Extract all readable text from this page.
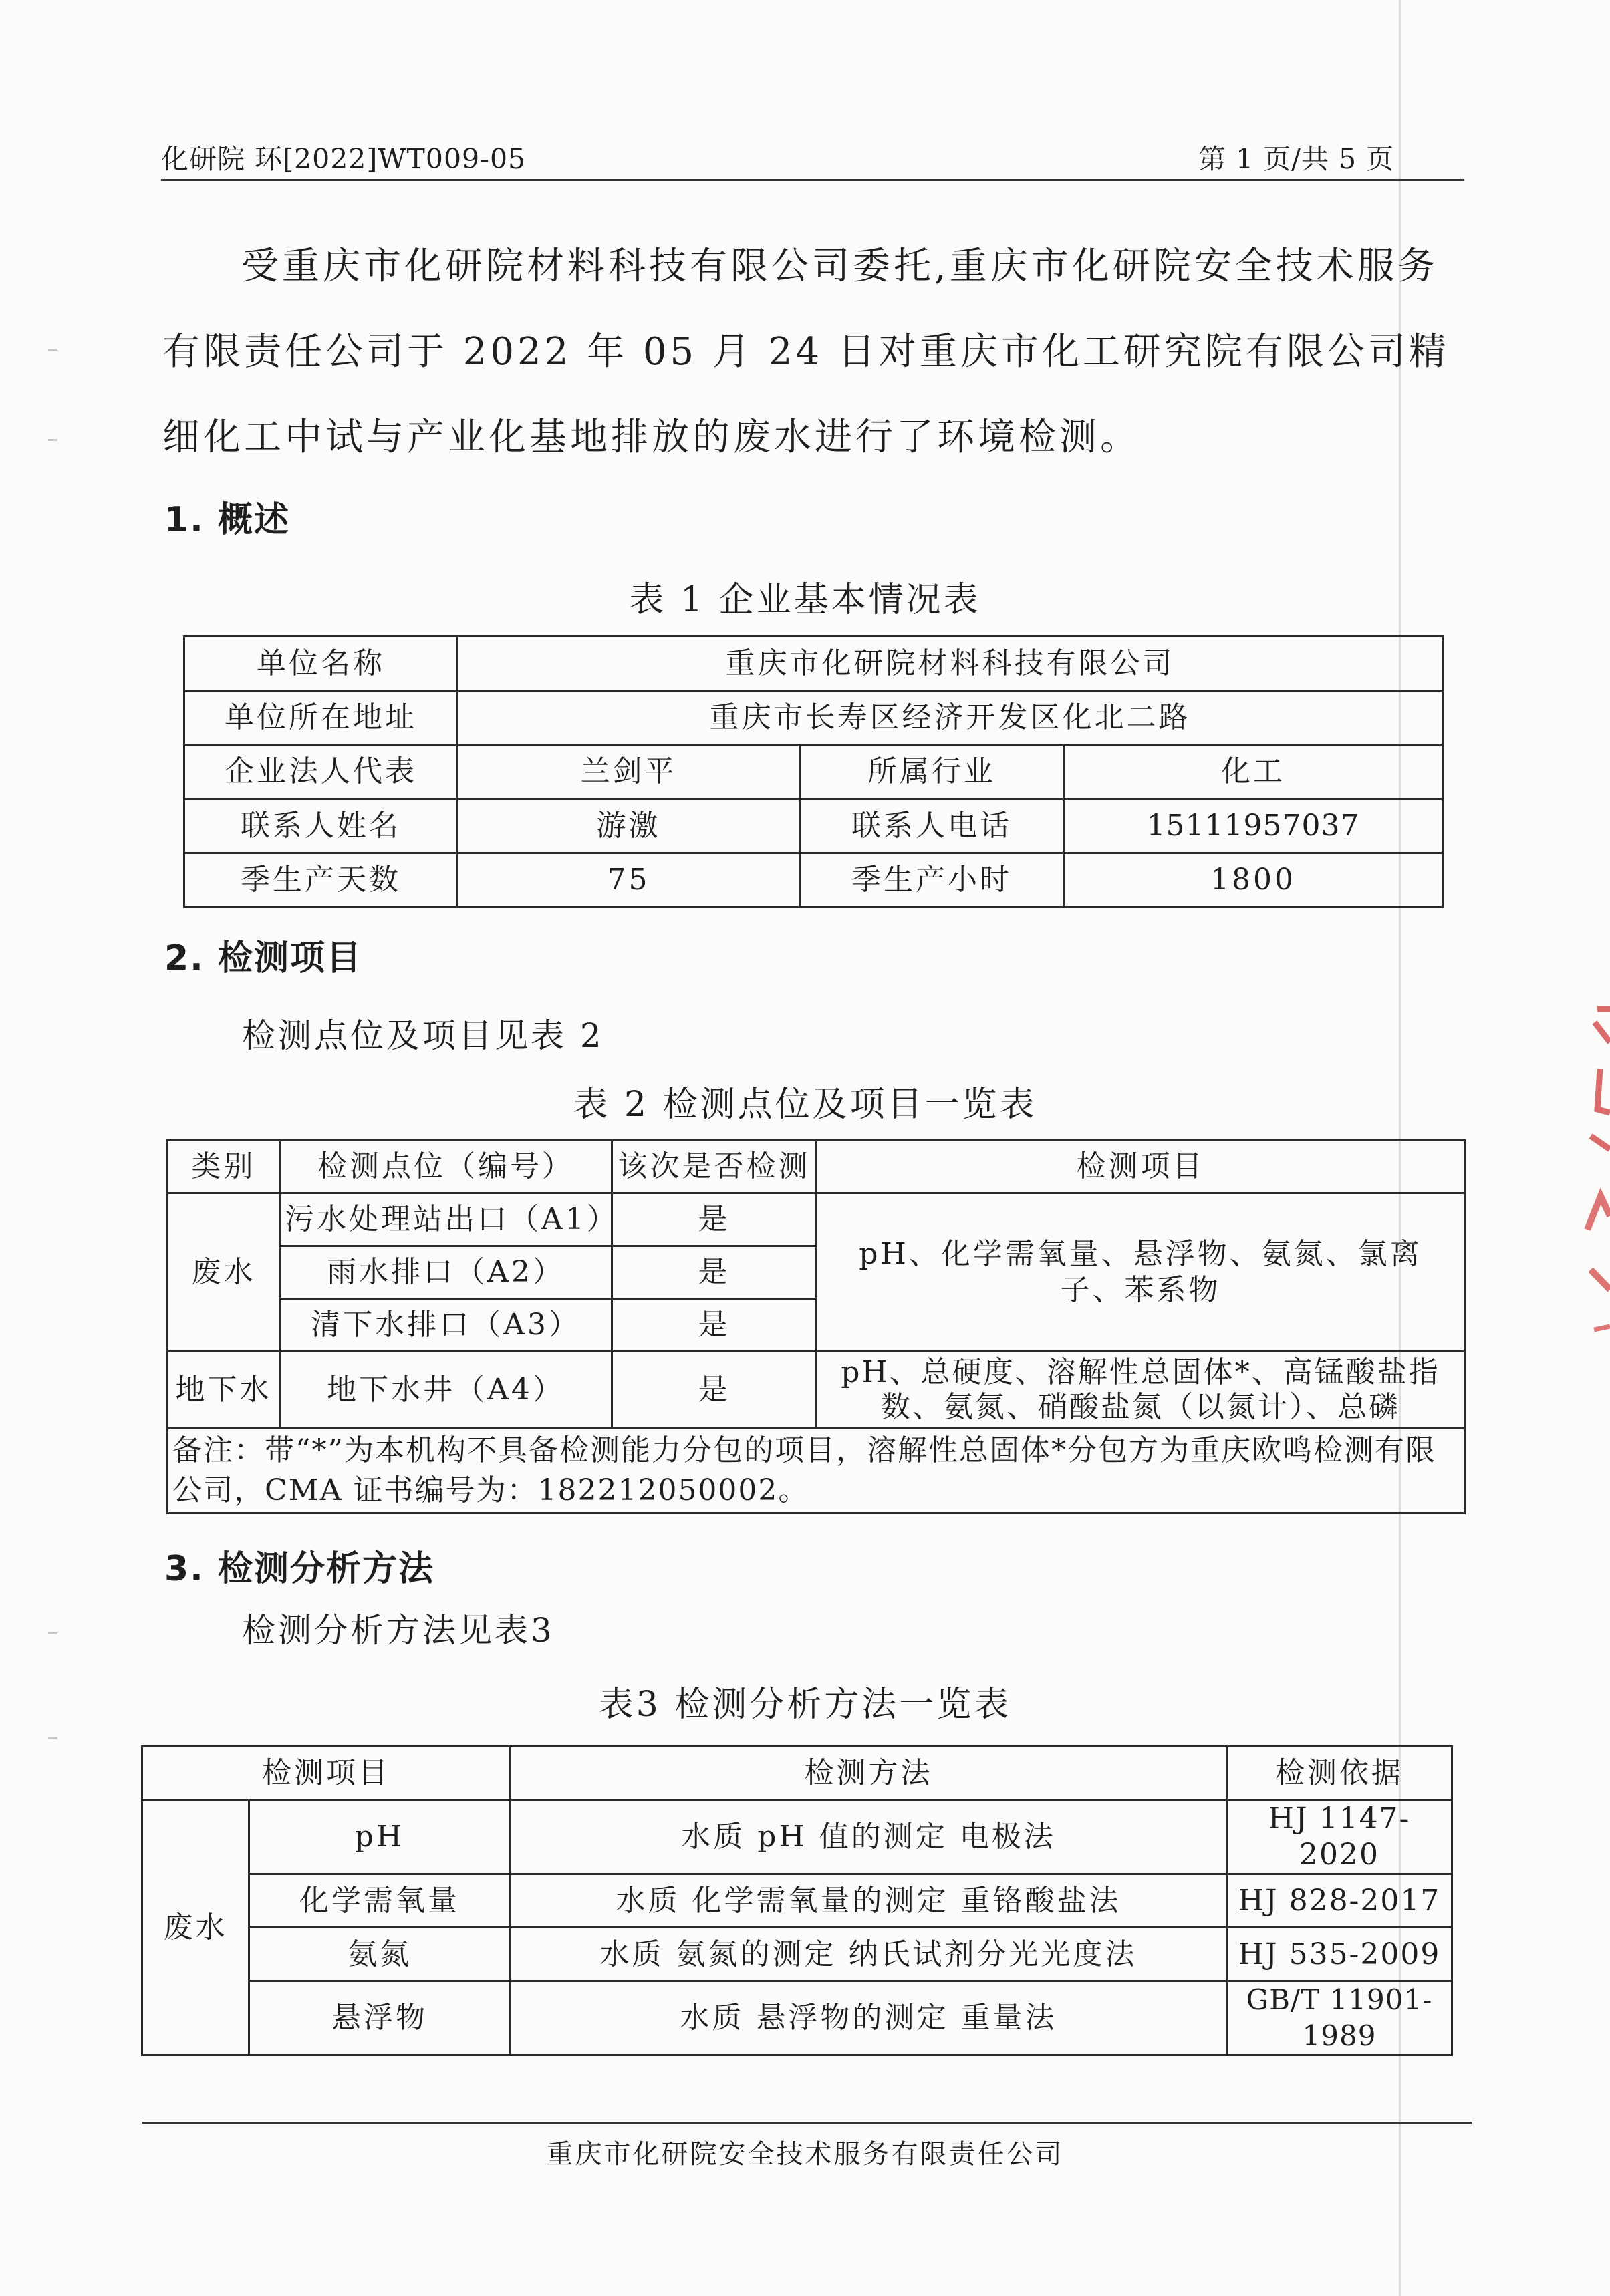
化研院 环[2022]WT009-05	第 1 页/共 5 页

受重庆市化研院材料科技有限公司委托,重庆市化研院安全技术服务有限责任公司于 2022 年 05 月 24 日对重庆市化工研究院有限公司精细化工中试与产业化基地排放的废水进行了环境检测。

1. 概述
表 1 企业基本情况表
单位名称	重庆市化研院材料科技有限公司		
单位所在地址	重庆市长寿区经济开发区化北二路		
企业法人代表	兰剑平	所属行业	化工
联系人姓名	游激	联系人电话	15111957037
季生产天数	75	季生产小时	1800
2. 检测项目
检测点位及项目见表 2
表 2 检测点位及项目一览表
类别	检测点位（编号）	该次是否检测	检测项目
废水	污水处理站出口（A1）	是	pH、化学需氧量、悬浮物、氨氮、氯离子、苯系物
	雨水排口（A2）	是	
	清下水排口（A3）	是	
地下水	地下水井（A4）	是	pH、总硬度、溶解性总固体*、高锰酸盐指数、氨氮、硝酸盐氮（以氮计）、总磷
备注：带“*”为本机构不具备检测能力分包的项目，溶解性总固体*分包方为重庆欧鸣检测有限公司，CMA 证书编号为：182212050002。			
3. 检测分析方法
检测分析方法见表3
表3 检测分析方法一览表
检测项目		检测方法	检测依据
废水	pH	水质 pH 值的测定 电极法	HJ 1147-2020
	化学需氧量	水质 化学需氧量的测定 重铬酸盐法	HJ 828-2017
	氨氮	水质 氨氮的测定 纳氏试剂分光光度法	HJ 535-2009
	悬浮物	水质 悬浮物的测定 重量法	GB/T 11901-1989
重庆市化研院安全技术服务有限责任公司
